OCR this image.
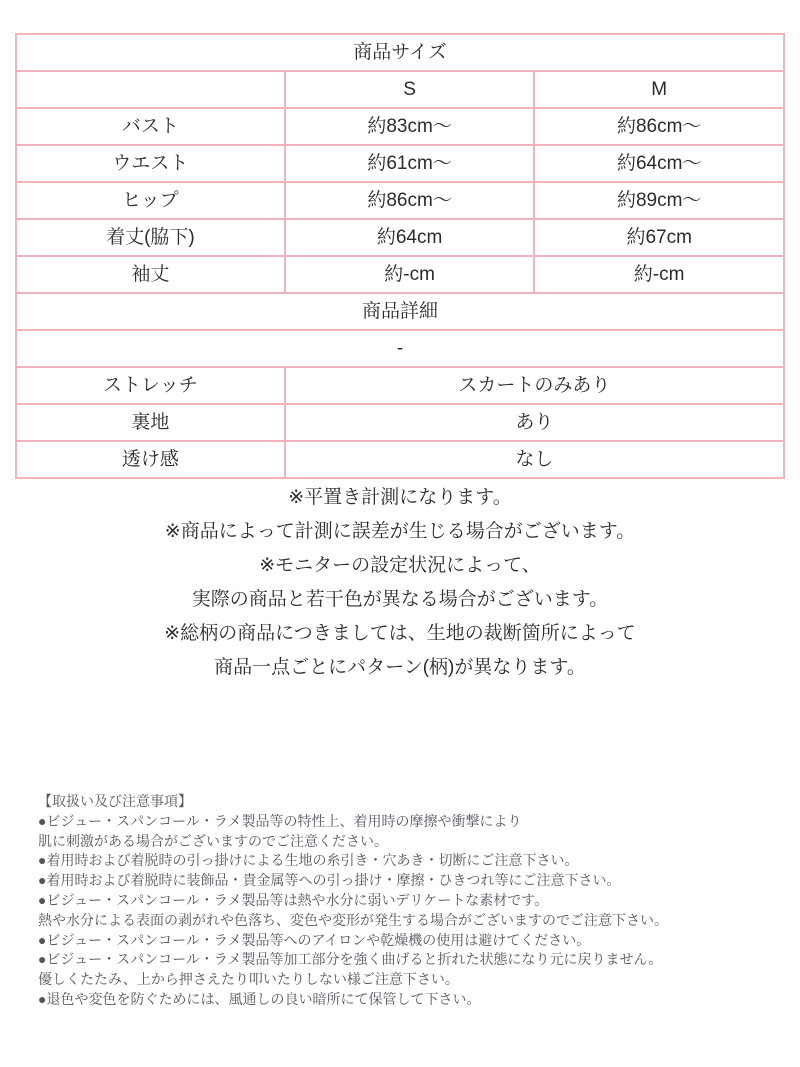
商品サイズ		
	S	M
バスト	約83cm～	約86cm～
ウエスト	約61cm～	約64cm～
ヒップ	約86cm～	約89cm～
着丈(脇下)	約64cm	約67cm
袖丈	約-cm	約-cm
商品詳細		
-		
ストレッチ	スカートのみあり	
裏地	あり	
透け感	なし	
※平置き計測になります。
※商品によって計測に誤差が生じる場合がございます。
※モニターの設定状況によって、
実際の商品と若干色が異なる場合がございます。
※総柄の商品につきましては、生地の裁断箇所によって
商品一点ごとにパターン(柄)が異なります。
【取扱い及び注意事項】
●ビジュー・スパンコール・ラメ製品等の特性上、着用時の摩擦や衝撃により
肌に刺激がある場合がございますのでご注意ください。
●着用時および着脱時の引っ掛けによる生地の糸引き・穴あき・切断にご注意下さい。
●着用時および着脱時に装飾品・貴金属等への引っ掛け・摩擦・ひきつれ等にご注意下さい。
●ビジュー・スパンコール・ラメ製品等は熱や水分に弱いデリケートな素材です。
熱や水分による表面の剥がれや色落ち、変色や変形が発生する場合がございますのでご注意下さい。
●ビジュー・スパンコール・ラメ製品等へのアイロンや乾燥機の使用は避けてください。
●ビジュー・スパンコール・ラメ製品等加工部分を強く曲げると折れた状態になり元に戻りません。
優しくたたみ、上から押さえたり叩いたりしない様ご注意下さい。
●退色や変色を防ぐためには、風通しの良い暗所にて保管して下さい。
